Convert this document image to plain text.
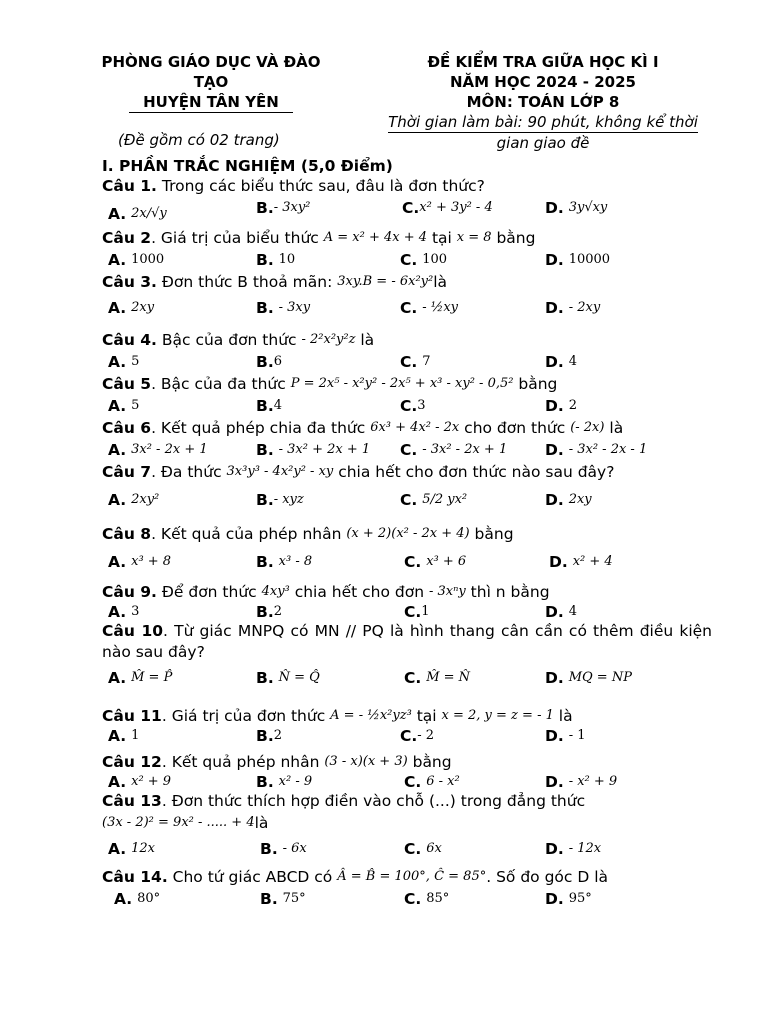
PHÒNG GIÁO DỤC VÀ ĐÀO
TẠO
HUYỆN TÂN YÊN
ĐỀ KIỂM TRA GIỮA HỌC KÌ I
NĂM HỌC 2024 - 2025
MÔN: TOÁN LỚP 8
Thời gian làm bài: 90 phút, không kể thời
gian giao đề
(Đề gồm có 02 trang)
I. PHẦN TRẮC NGHIỆM (5,0 Điểm)
Câu 1. Trong các biểu thức sau, đâu là đơn thức?
A. 2x/√y	B.- 3xy²	C.x² + 3y² - 4	D. 3y√xy
Câu 2. Giá trị của biểu thức A = x² + 4x + 4 tại x = 8 bằng
A. 1000	B. 10	C. 100	D. 10000
Câu 3. Đơn thức B thoả mãn: 3xy.B = - 6x²y²là
A. 2xy	B. - 3xy	C. - ½xy	D. - 2xy
Câu 4. Bậc của đơn thức - 2²x²y²z là
A. 5	B.6	C. 7	D. 4
Câu 5. Bậc của đa thức P = 2x⁵ - x²y² - 2x⁵ + x³ - xy² - 0,5² bằng
A. 5	B.4	C.3	D. 2
Câu 6. Kết quả phép chia đa thức 6x³ + 4x² - 2x cho đơn thức (- 2x) là
A. 3x² - 2x + 1	B. - 3x² + 2x + 1 C. - 3x² - 2x + 1 D. - 3x² - 2x - 1
Câu 7. Đa thức 3x³y³ - 4x²y² - xy chia hết cho đơn thức nào sau đây?
A. 2xy²	B.- xyz	C. 5/2 yx²	D. 2xy
Câu 8. Kết quả của phép nhân (x + 2)(x² - 2x + 4) bằng
A. x³ + 8	B. x³ - 8	C. x³ + 6	D. x² + 4
Câu 9. Để đơn thức 4xy³ chia hết cho đơn - 3xⁿy thì n bằng
A. 3	B.2	C.1	D. 4
Câu 10. Từ giác MNPQ có MN // PQ là hình thang cân cần có thêm điều kiện nào sau đây?
A. M̂ = P̂	B. N̂ = Q̂	C. M̂ = N̂	D. MQ = NP
Câu 11. Giá trị của đơn thức A = - ½x²yz³ tại x = 2, y = z = - 1 là
A. 1	B.2	C.- 2	D. - 1
Câu 12. Kết quả phép nhân (3 - x)(x + 3) bằng
A. x² + 9	B. x² - 9	C. 6 - x²	D. - x² + 9
Câu 13. Đơn thức thích hợp điền vào chỗ (...) trong đẳng thức
(3x - 2)² = 9x² - ..... + 4là
A. 12x	B. - 6x	C. 6x	D. - 12x
Câu 14. Cho tứ giác ABCD có Â = B̂ = 100°, Ĉ = 85°. Số đo góc D là
A. 80°	B. 75°	C. 85°	D. 95°
